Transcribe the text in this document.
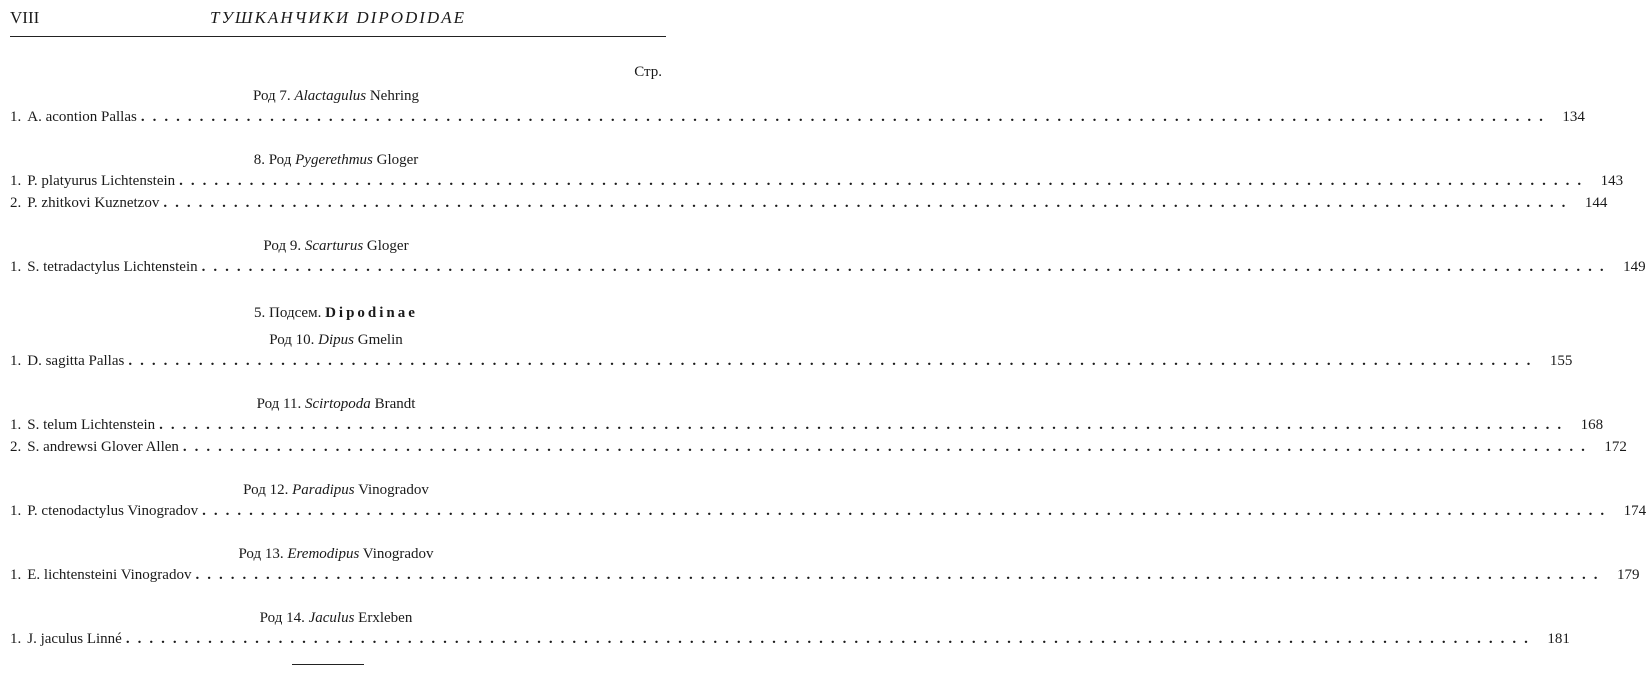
VIII	ТУШКАНЧИКИ DIPODIDAE
Стр.
Род 7. Alactagulus Nehring
1. A. acontion Pallas ........................................................................................................................ 134
8. Род Pygerethmus Gloger
1. P. platyurus Lichtenstein ........................................................................................................................ 143
2. P. zhitkovi Kuznetzov ........................................................................................................................ 144
Род 9. Scarturus Gloger
1. S. tetradactylus Lichtenstein ........................................................................................................................ 149
5. Подсем. Dipodinae
Род 10. Dipus Gmelin
1. D. sagitta Pallas ........................................................................................................................ 155
Род 11. Scirtopoda Brandt
1. S. telum Lichtenstein ........................................................................................................................ 168
2. S. andrewsi Glover Allen ........................................................................................................................ 172
Род 12. Paradipus Vinogradov
1. P. ctenodactylus Vinogradov ........................................................................................................................ 174
Род 13. Eremodipus Vinogradov
1. E. lichtensteini Vinogradov ........................................................................................................................ 179
Род 14. Jaculus Erxleben
1. J. jaculus Linné ........................................................................................................................ 181
